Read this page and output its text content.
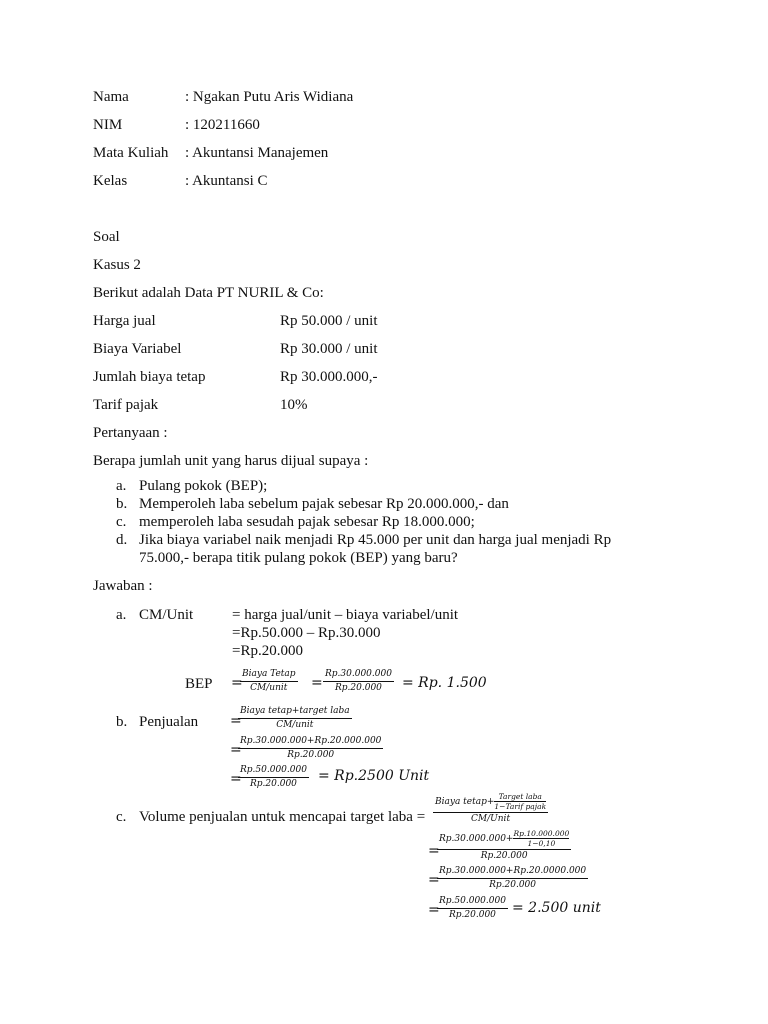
Nama	: Ngakan Putu Aris Widiana
NIM	: 120211660
Mata Kuliah : Akuntansi Manajemen
Kelas	: Akuntansi C
Soal
Kasus 2
Berikut adalah Data PT NURIL & Co:
Harga jual	Rp 50.000 / unit
Biaya Variabel	Rp 30.000 / unit
Jumlah biaya tetap	Rp 30.000.000,-
Tarif pajak	10%
Pertanyaan :
Berapa jumlah unit yang harus dijual supaya :
a. Pulang pokok (BEP);
b. Memperoleh laba sebelum pajak sebesar Rp 20.000.000,- dan
c. memperoleh laba sesudah pajak sebesar Rp 18.000.000;
d. Jika biaya variabel naik menjadi Rp 45.000 per unit dan harga jual menjadi Rp
75.000,- berapa titik pulang pokok (BEP) yang baru?
Jawaban :
a. CM/Unit	= harga jual/unit – biaya variabel/unit
=Rp.50.000 – Rp.30.000
=Rp.20.000
BEP =
Biaya Tetap
CM/unit	= $\frac{Rp.30.000.000}{Rp.20.000} = Rp$. 1.500
b. Penjualan =
Biaya tetap+target laba
CM/unit
=
$\frac{Rp.30.000.000+Rp.20.000.000}{Rp.20.000}$
=
$\frac{Rp.50.000.000}{Rp.20.000} = Rp.2500$ Unit
c. Volume penjualan untuk mencapai target laba =
Biaya tetap+
Target laba
1−Tarif pajak
CM/Unit
=
$\frac{Rp.30.000.000+ \frac{Rp.10.000.000}{1-0,10}}{Rp.20.000}$
=
$\frac{Rp.30.000.000+Rp.20.0000.000}{Rp.20.000}$
=
$\frac{Rp.50.000.000}{Rp.20.000} = 2.500$ unit
